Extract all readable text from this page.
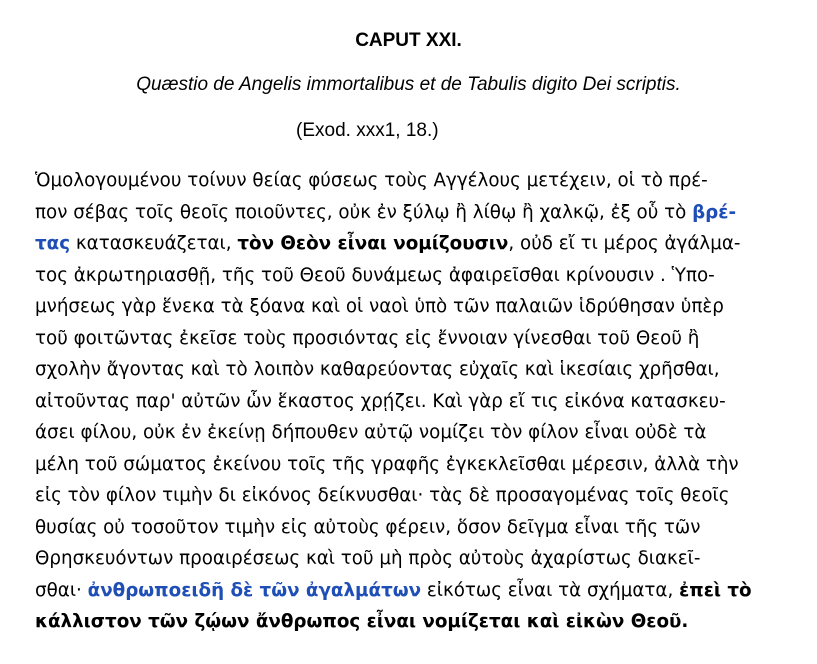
CAPUT XXI.
Quæstio de Angelis immortalibus et de Tabulis digito Dei scriptis.
(Exod. xxx1, 18.)
Ὁμολογουμένου τοίνυν θείας φύσεως τοὺς Αγγέλους μετέχειν, οἱ τὸ πρέ-
πον σέβας τοῖς θεοῖς ποιοῦντες, οὐκ ἐν ξύλῳ ἢ λίθῳ ἢ χαλκῷ, ἐξ οὗ τὸ βρέ-
τας κατασκευάζεται, τὸν Θεὸν εἶναι νομίζουσιν, οὐδ εἴ τι μέρος ἀγάλμα-
τος ἀκρωτηριασθῇ, τῆς τοῦ Θεοῦ δυνάμεως ἀφαιρεῖσθαι κρίνουσιν . Ὑπο-
μνήσεως γὰρ ἕνεκα τὰ ξόανα καὶ οἱ ναοὶ ὑπὸ τῶν παλαιῶν ἱδρύθησαν ὑπὲρ
τοῦ φοιτῶντας ἐκεῖσε τοὺς προσιόντας εἰς ἔννοιαν γίνεσθαι τοῦ Θεοῦ ἢ
σχολὴν ἄγοντας καὶ τὸ λοιπὸν καθαρεύοντας εὐχαῖς καὶ ἱκεσίαις χρῆσθαι,
αἰτοῦντας παρ' αὐτῶν ὧν ἕκαστος χρῄζει. Καὶ γὰρ εἴ τις εἰκόνα κατασκευ-
άσει φίλου, οὐκ ἐν ἐκείνῃ δήπουθεν αὐτῷ νομίζει τὸν φίλον εἶναι οὐδὲ τὰ
μέλη τοῦ σώματος ἐκείνου τοῖς τῆς γραφῆς ἐγκεκλεῖσθαι μέρεσιν, ἀλλὰ τὴν
εἰς τὸν φίλον τιμὴν δι εἰκόνος δείκνυσθαι· τὰς δὲ προσαγομένας τοῖς θεοῖς
θυσίας οὐ τοσοῦτον τιμὴν εἰς αὐτοὺς φέρειν, ὅσον δεῖγμα εἶναι τῆς τῶν
Θρησκευόντων προαιρέσεως καὶ τοῦ μὴ πρὸς αὐτοὺς ἀχαρίστως διακεῖ-
σθαι· ἀνθρωποειδῆ δὲ τῶν ἀγαλμάτων εἰκότως εἶναι τὰ σχήματα, ἐπεὶ τὸ
κάλλιστον τῶν ζῴων ἄνθρωπος εἶναι νομίζεται καὶ εἰκὼν Θεοῦ.
